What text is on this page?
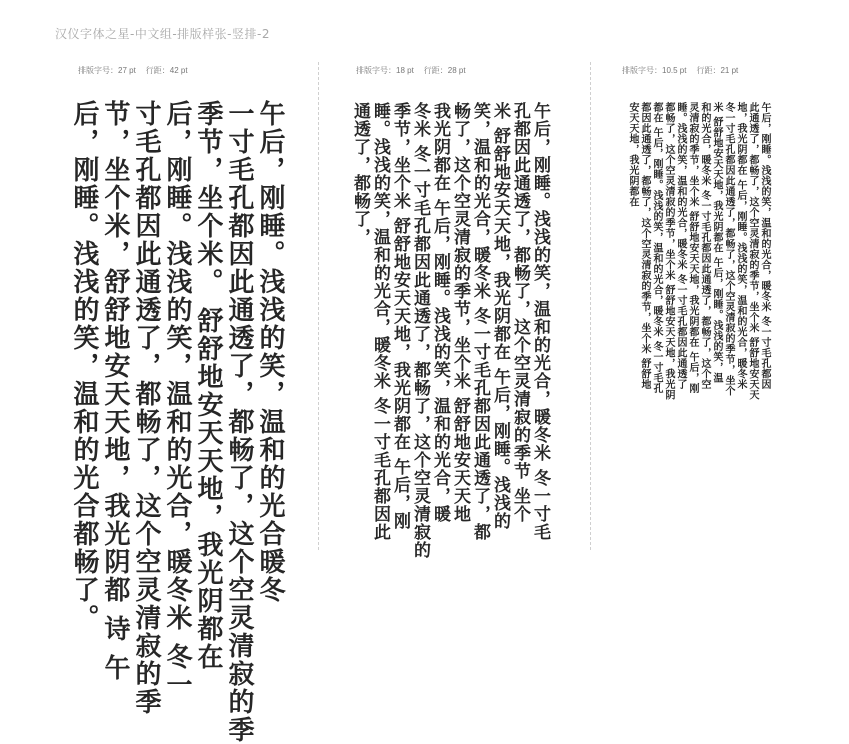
汉仪字体之星-中文组-排版样张-竖排-2
排版字号：27 pt 行距：42 pt	排版字号：18 pt 行距：28 pt	排版字号：10.5 pt 行距：21 pt
午后，刚睡。浅浅的笑，温和的光合暖冬
一寸毛孔都因此通透了，都畅了，这个空灵清寂的季
季节，坐个米。 舒舒地安天天地，我光阴都在
后，刚睡。浅浅的笑，温和的光合，暖冬米 冬一
寸毛孔都因此通透了，都畅了，这个空灵清寂的季
节，坐个米，舒舒地安天天地，我光阴都 诗 午
后，刚睡。浅浅的笑，温和的光合都畅了。	午后，刚睡。浅浅的笑，温和的光合，暖冬米 冬一寸毛
孔都因此通透了，都畅了，这个空灵清寂的季节 坐个
米 舒舒地安天天地，我光阴都在 午后，刚睡。浅浅的
笑，温和的光合，暖冬米 冬一寸毛孔都因此通透了，都
畅了，这个空灵清寂的季节，坐个米 舒舒地安天天地
我光阴都在 午后，刚睡。浅浅的笑，温和的光合，暖
冬米 冬一寸毛孔都因此通透了，都畅了，这个空灵清寂的
季节，坐个米 舒舒地安天天地，我光阴都在 午后，刚
睡。浅浅的笑，温和的光合，暖冬米 冬一寸毛孔都因此
通透了，都畅了，	午后，刚睡。浅浅的笑，温和的光合，暖冬米 冬一寸毛孔都因
此通透了，都畅了，这个空灵清寂的季节，坐个米 舒舒地安天天
地，我光阴都在 午后，刚睡。浅浅的笑，温和的光合，暖冬米
冬一寸毛孔都因此通透了，都畅了，这个空灵清寂的季节，坐个
米 舒舒地安天天地，我光阴都在 午后，刚睡。浅浅的笑，温
和的光合，暖冬米 冬一寸毛孔都因此通透了，都畅了，这个空
灵清寂的季节，坐个米 舒舒地安天天地，我光阴都在 午后，刚
睡。浅浅的笑，温和的光合，暖冬米 冬一寸毛孔都因此通透了
都畅了，这个空灵清寂的季节，坐个米 舒舒地安天天地，我光阴
都在 午后，刚睡。浅浅的笑，温和的光合，暖冬米 冬一寸毛孔
都因此通透了，都畅了，这个空灵清寂的季节，坐个米 舒舒地
安天天地，我光阴都在
